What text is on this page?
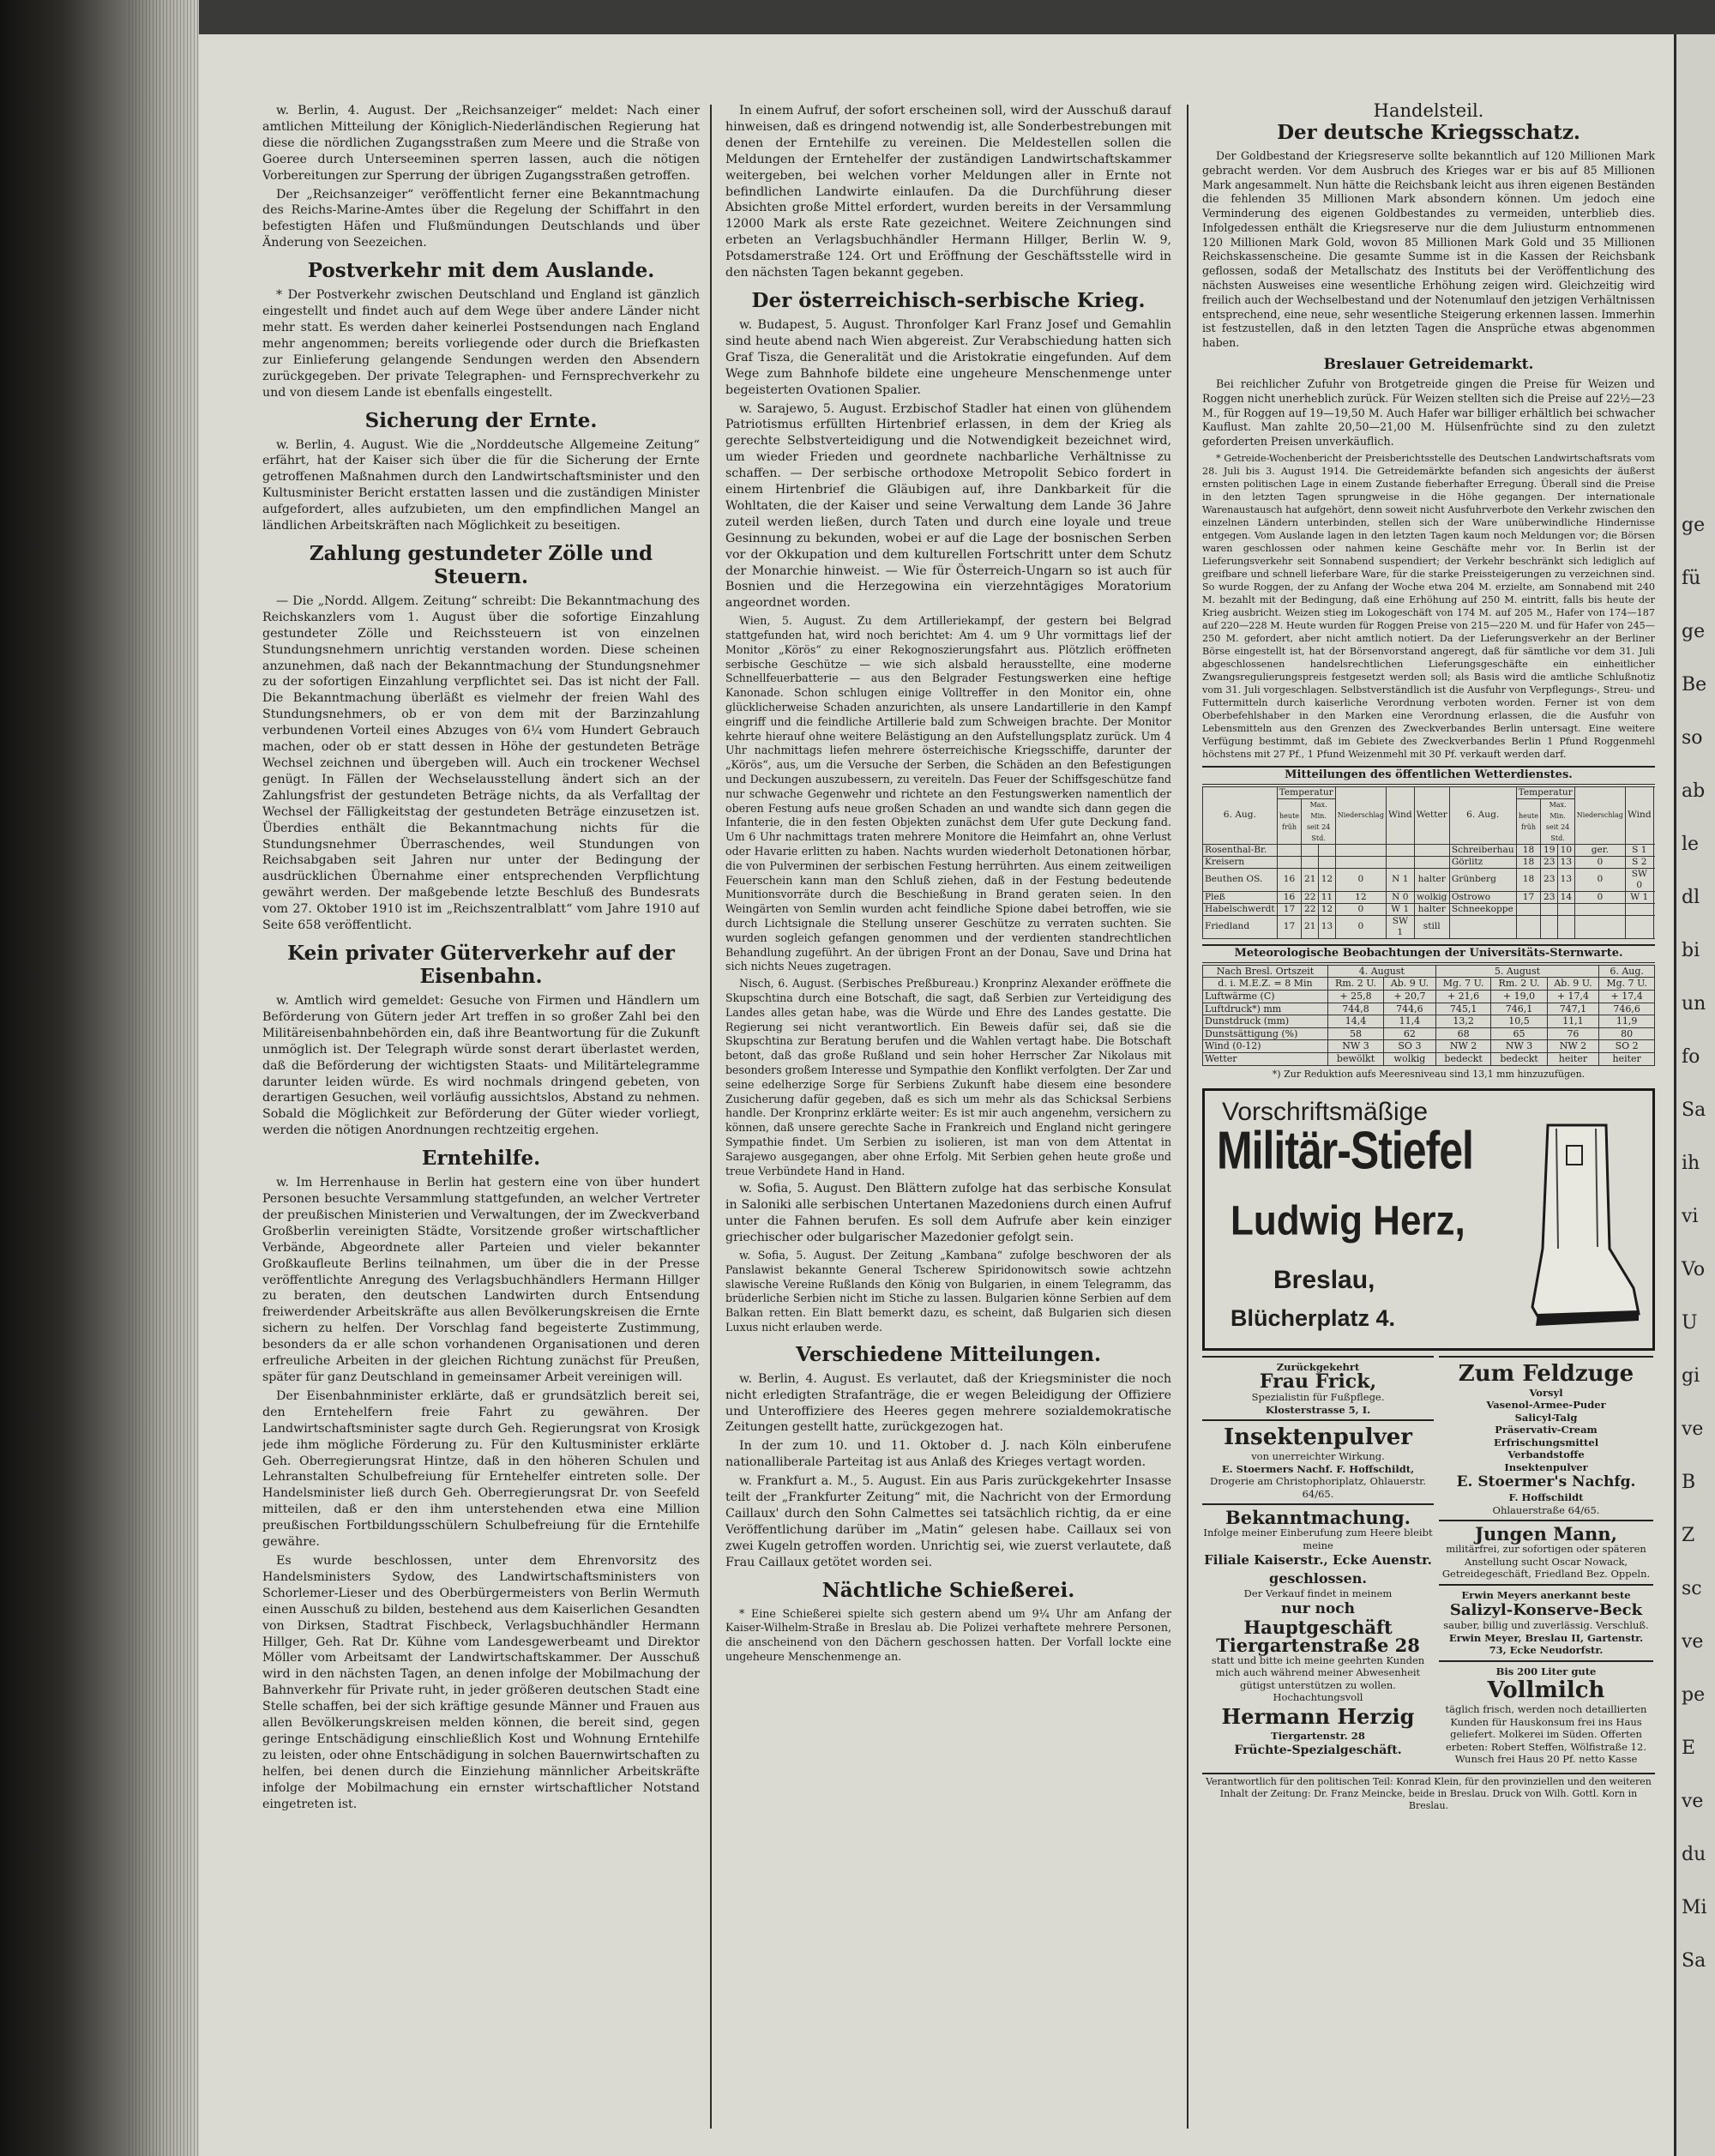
w. Berlin, 4. August. Der „Reichsanzeiger“ meldet: Nach einer amtlichen Mitteilung der Königlich-Niederländischen Regierung hat diese die nördlichen Zugangsstraßen zum Meere und die Straße von Goeree durch Unterseeminen sperren lassen, auch die nötigen Vorbereitungen zur Sperrung der übrigen Zugangsstraßen getroffen.

Der „Reichsanzeiger“ veröffentlicht ferner eine Bekanntmachung des Reichs-Marine-Amtes über die Regelung der Schiffahrt in den befestigten Häfen und Flußmündungen Deutschlands und über Änderung von Seezeichen.

Postverkehr mit dem Auslande.

* Der Postverkehr zwischen Deutschland und England ist gänzlich eingestellt und findet auch auf dem Wege über andere Länder nicht mehr statt. Es werden daher keinerlei Postsendungen nach England mehr angenommen; bereits vorliegende oder durch die Briefkasten zur Einlieferung gelangende Sendungen werden den Absendern zurückgegeben. Der private Telegraphen- und Fernsprechverkehr zu und von diesem Lande ist ebenfalls eingestellt.

Sicherung der Ernte.

w. Berlin, 4. August. Wie die „Norddeutsche Allgemeine Zeitung“ erfährt, hat der Kaiser sich über die für die Sicherung der Ernte getroffenen Maßnahmen durch den Landwirtschaftsminister und den Kultusminister Bericht erstatten lassen und die zuständigen Minister aufgefordert, alles aufzubieten, um den empfindlichen Mangel an ländlichen Arbeitskräften nach Möglichkeit zu beseitigen.

Zahlung gestundeter Zölle und Steuern.

— Die „Nordd. Allgem. Zeitung“ schreibt: Die Bekanntmachung des Reichskanzlers vom 1. August über die sofortige Einzahlung gestundeter Zölle und Reichssteuern ist von einzelnen Stundungsnehmern unrichtig verstanden worden. Diese scheinen anzunehmen, daß nach der Bekanntmachung der Stundungsnehmer zu der sofortigen Einzahlung verpflichtet sei. Das ist nicht der Fall. Die Bekanntmachung überläßt es vielmehr der freien Wahl des Stundungsnehmers, ob er von dem mit der Barzinzahlung verbundenen Vorteil eines Abzuges von 6¼ vom Hundert Gebrauch machen, oder ob er statt dessen in Höhe der gestundeten Beträge Wechsel zeichnen und übergeben will. Auch ein trockener Wechsel genügt. In Fällen der Wechselausstellung ändert sich an der Zahlungsfrist der gestundeten Beträge nichts, da als Verfalltag der Wechsel der Fälligkeitstag der gestundeten Beträge einzusetzen ist. Überdies enthält die Bekanntmachung nichts für die Stundungsnehmer Überraschendes, weil Stundungen von Reichsabgaben seit Jahren nur unter der Bedingung der ausdrücklichen Übernahme einer entsprechenden Verpflichtung gewährt werden. Der maßgebende letzte Beschluß des Bundesrats vom 27. Oktober 1910 ist im „Reichszentralblatt“ vom Jahre 1910 auf Seite 658 veröffentlicht.

Kein privater Güterverkehr auf der Eisenbahn.

w. Amtlich wird gemeldet: Gesuche von Firmen und Händlern um Beförderung von Gütern jeder Art treffen in so großer Zahl bei den Militäreisenbahnbehörden ein, daß ihre Beantwortung für die Zukunft unmöglich ist. Der Telegraph würde sonst derart überlastet werden, daß die Beförderung der wichtigsten Staats- und Militärtelegramme darunter leiden würde. Es wird nochmals dringend gebeten, von derartigen Gesuchen, weil vorläufig aussichtslos, Abstand zu nehmen. Sobald die Möglichkeit zur Beförderung der Güter wieder vorliegt, werden die nötigen Anordnungen rechtzeitig ergehen.

Erntehilfe.

w. Im Herrenhause in Berlin hat gestern eine von über hundert Personen besuchte Versammlung stattgefunden, an welcher Vertreter der preußischen Ministerien und Verwaltungen, der im Zweckverband Großberlin vereinigten Städte, Vorsitzende großer wirtschaftlicher Verbände, Abgeordnete aller Parteien und vieler bekannter Großkaufleute Berlins teilnahmen, um über die in der Presse veröffentlichte Anregung des Verlagsbuchhändlers Hermann Hillger zu beraten, den deutschen Landwirten durch Entsendung freiwerdender Arbeitskräfte aus allen Bevölkerungskreisen die Ernte sichern zu helfen. Der Vorschlag fand begeisterte Zustimmung, besonders da er alle schon vorhandenen Organisationen und deren erfreuliche Arbeiten in der gleichen Richtung zunächst für Preußen, später für ganz Deutschland in gemeinsamer Arbeit vereinigen will.

Der Eisenbahnminister erklärte, daß er grundsätzlich bereit sei, den Erntehelfern freie Fahrt zu gewähren. Der Landwirtschaftsminister sagte durch Geh. Regierungsrat von Krosigk jede ihm mögliche Förderung zu. Für den Kultusminister erklärte Geh. Oberregierungsrat Hintze, daß in den höheren Schulen und Lehranstalten Schulbefreiung für Erntehelfer eintreten solle. Der Handelsminister ließ durch Geh. Oberregierungsrat Dr. von Seefeld mitteilen, daß er den ihm unterstehenden etwa eine Million preußischen Fortbildungsschülern Schulbefreiung für die Erntehilfe gewähre.

Es wurde beschlossen, unter dem Ehrenvorsitz des Handelsministers Sydow, des Landwirtschaftsministers von Schorlemer-Lieser und des Oberbürgermeisters von Berlin Wermuth einen Ausschuß zu bilden, bestehend aus dem Kaiserlichen Gesandten von Dirksen, Stadtrat Fischbeck, Verlagsbuchhändler Hermann Hillger, Geh. Rat Dr. Kühne vom Landesgewerbeamt und Direktor Möller vom Arbeitsamt der Landwirtschaftskammer. Der Ausschuß wird in den nächsten Tagen, an denen infolge der Mobilmachung der Bahnverkehr für Private ruht, in jeder größeren deutschen Stadt eine Stelle schaffen, bei der sich kräftige gesunde Männer und Frauen aus allen Bevölkerungskreisen melden können, die bereit sind, gegen geringe Entschädigung einschließlich Kost und Wohnung Erntehilfe zu leisten, oder ohne Entschädigung in solchen Bauernwirtschaften zu helfen, bei denen durch die Einziehung männlicher Arbeitskräfte infolge der Mobilmachung ein ernster wirtschaftlicher Notstand eingetreten ist.

In einem Aufruf, der sofort erscheinen soll, wird der Ausschuß darauf hinweisen, daß es dringend notwendig ist, alle Sonderbestrebungen mit denen der Erntehilfe zu vereinen. Die Meldestellen sollen die Meldungen der Erntehelfer der zuständigen Landwirtschaftskammer weitergeben, bei welchen vorher Meldungen aller in Ernte not befindlichen Landwirte einlaufen. Da die Durchführung dieser Absichten große Mittel erfordert, wurden bereits in der Versammlung 12000 Mark als erste Rate gezeichnet. Weitere Zeichnungen sind erbeten an Verlagsbuchhändler Hermann Hillger, Berlin W. 9, Potsdamerstraße 124. Ort und Eröffnung der Geschäftsstelle wird in den nächsten Tagen bekannt gegeben.

Der österreichisch-serbische Krieg.

w. Budapest, 5. August. Thronfolger Karl Franz Josef und Gemahlin sind heute abend nach Wien abgereist. Zur Verabschiedung hatten sich Graf Tisza, die Generalität und die Aristokratie eingefunden. Auf dem Wege zum Bahnhofe bildete eine ungeheure Menschenmenge unter begeisterten Ovationen Spalier.

w. Sarajewo, 5. August. Erzbischof Stadler hat einen von glühendem Patriotismus erfüllten Hirtenbrief erlassen, in dem der Krieg als gerechte Selbstverteidigung und die Notwendigkeit bezeichnet wird, um wieder Frieden und geordnete nachbarliche Verhältnisse zu schaffen. — Der serbische orthodoxe Metropolit Sebico fordert in einem Hirtenbrief die Gläubigen auf, ihre Dankbarkeit für die Wohltaten, die der Kaiser und seine Verwaltung dem Lande 36 Jahre zuteil werden ließen, durch Taten und durch eine loyale und treue Gesinnung zu bekunden, wobei er auf die Lage der bosnischen Serben vor der Okkupation und dem kulturellen Fortschritt unter dem Schutz der Monarchie hinweist. — Wie für Österreich-Ungarn so ist auch für Bosnien und die Herzegowina ein vierzehntägiges Moratorium angeordnet worden.

Wien, 5. August. Zu dem Artilleriekampf, der gestern bei Belgrad stattgefunden hat, wird noch berichtet: Am 4. um 9 Uhr vormittags lief der Monitor „Körös“ zu einer Rekognoszierungsfahrt aus. Plötzlich eröffneten serbische Geschütze — wie sich alsbald herausstellte, eine moderne Schnellfeuerbatterie — aus den Belgrader Festungswerken eine heftige Kanonade. Schon schlugen einige Volltreffer in den Monitor ein, ohne glücklicherweise Schaden anzurichten, als unsere Landartillerie in den Kampf eingriff und die feindliche Artillerie bald zum Schweigen brachte. Der Monitor kehrte hierauf ohne weitere Belästigung an den Aufstellungsplatz zurück. Um 4 Uhr nachmittags liefen mehrere österreichische Kriegsschiffe, darunter der „Körös“, aus, um die Versuche der Serben, die Schäden an den Befestigungen und Deckungen auszubessern, zu vereiteln. Das Feuer der Schiffsgeschütze fand nur schwache Gegenwehr und richtete an den Festungswerken namentlich der oberen Festung aufs neue großen Schaden an und wandte sich dann gegen die Infanterie, die in den festen Objekten zunächst dem Ufer gute Deckung fand. Um 6 Uhr nachmittags traten mehrere Monitore die Heimfahrt an, ohne Verlust oder Havarie erlitten zu haben. Nachts wurden wiederholt Detonationen hörbar, die von Pulverminen der serbischen Festung herrührten. Aus einem zeitweiligen Feuerschein kann man den Schluß ziehen, daß in der Festung bedeutende Munitionsvorräte durch die Beschießung in Brand geraten seien. In den Weingärten von Semlin wurden acht feindliche Spione dabei betroffen, wie sie durch Lichtsignale die Stellung unserer Geschütze zu verraten suchten. Sie wurden sogleich gefangen genommen und der verdienten standrechtlichen Behandlung zugeführt. An der übrigen Front an der Donau, Save und Drina hat sich nichts Neues zugetragen.

Nisch, 6. August. (Serbisches Preßbureau.) Kronprinz Alexander eröffnete die Skupschtina durch eine Botschaft, die sagt, daß Serbien zur Verteidigung des Landes alles getan habe, was die Würde und Ehre des Landes gestatte. Die Regierung sei nicht verantwortlich. Ein Beweis dafür sei, daß sie die Skupschtina zur Beratung berufen und die Wahlen vertagt habe. Die Botschaft betont, daß das große Rußland und sein hoher Herrscher Zar Nikolaus mit besonders großem Interesse und Sympathie den Konflikt verfolgten. Der Zar und seine edelherzige Sorge für Serbiens Zukunft habe diesem eine besondere Zusicherung dafür gegeben, daß es sich um mehr als das Schicksal Serbiens handle. Der Kronprinz erklärte weiter: Es ist mir auch angenehm, versichern zu können, daß unsere gerechte Sache in Frankreich und England nicht geringere Sympathie findet. Um Serbien zu isolieren, ist man von dem Attentat in Sarajewo ausgegangen, aber ohne Erfolg. Mit Serbien gehen heute große und treue Verbündete Hand in Hand.

w. Sofia, 5. August. Den Blättern zufolge hat das serbische Konsulat in Saloniki alle serbischen Untertanen Mazedoniens durch einen Aufruf unter die Fahnen berufen. Es soll dem Aufrufe aber kein einziger griechischer oder bulgarischer Mazedonier gefolgt sein.

w. Sofia, 5. August. Der Zeitung „Kambana“ zufolge beschworen der als Panslawist bekannte General Tscherew Spiridonowitsch sowie achtzehn slawische Vereine Rußlands den König von Bulgarien, in einem Telegramm, das brüderliche Serbien nicht im Stiche zu lassen. Bulgarien könne Serbien auf dem Balkan retten. Ein Blatt bemerkt dazu, es scheint, daß Bulgarien sich diesen Luxus nicht erlauben werde.

Verschiedene Mitteilungen.

w. Berlin, 4. August. Es verlautet, daß der Kriegsminister die noch nicht erledigten Strafanträge, die er wegen Beleidigung der Offiziere und Unteroffiziere des Heeres gegen mehrere sozialdemokratische Zeitungen gestellt hatte, zurückgezogen hat.

In der zum 10. und 11. Oktober d. J. nach Köln einberufene nationalliberale Parteitag ist aus Anlaß des Krieges vertagt worden.

w. Frankfurt a. M., 5. August. Ein aus Paris zurückgekehrter Insasse teilt der „Frankfurter Zeitung“ mit, die Nachricht von der Ermordung Caillaux' durch den Sohn Calmettes sei tatsächlich richtig, da er eine Veröffentlichung darüber im „Matin“ gelesen habe. Caillaux sei von zwei Kugeln getroffen worden. Unrichtig sei, wie zuerst verlautete, daß Frau Caillaux getötet worden sei.

Nächtliche Schießerei.

* Eine Schießerei spielte sich gestern abend um 9¼ Uhr am Anfang der Kaiser-Wilhelm-Straße in Breslau ab. Die Polizei verhaftete mehrere Personen, die anscheinend von den Dächern geschossen hatten. Der Vorfall lockte eine ungeheure Menschenmenge an.

Handelsteil.
Der deutsche Kriegsschatz.

Der Goldbestand der Kriegsreserve sollte bekanntlich auf 120 Millionen Mark gebracht werden. Vor dem Ausbruch des Krieges war er bis auf 85 Millionen Mark angesammelt. Nun hätte die Reichsbank leicht aus ihren eigenen Beständen die fehlenden 35 Millionen Mark absondern können. Um jedoch eine Verminderung des eigenen Goldbestandes zu vermeiden, unterblieb dies. Infolgedessen enthält die Kriegsreserve nur die dem Juliusturm entnommenen 120 Millionen Mark Gold, wovon 85 Millionen Mark Gold und 35 Millionen Reichskassenscheine. Die gesamte Summe ist in die Kassen der Reichsbank geflossen, sodaß der Metallschatz des Instituts bei der Veröffentlichung des nächsten Ausweises eine wesentliche Erhöhung zeigen wird. Gleichzeitig wird freilich auch der Wechselbestand und der Notenumlauf den jetzigen Verhältnissen entsprechend, eine neue, sehr wesentliche Steigerung erkennen lassen. Immerhin ist festzustellen, daß in den letzten Tagen die Ansprüche etwas abgenommen haben.

Breslauer Getreidemarkt.

Bei reichlicher Zufuhr von Brotgetreide gingen die Preise für Weizen und Roggen nicht unerheblich zurück. Für Weizen stellten sich die Preise auf 22½—23 M., für Roggen auf 19—19,50 M. Auch Hafer war billiger erhältlich bei schwacher Kauflust. Man zahlte 20,50—21,00 M. Hülsenfrüchte sind zu den zuletzt geforderten Preisen unverkäuflich.

* Getreide-Wochenbericht der Preisberichtsstelle des Deutschen Landwirtschaftsrats vom 28. Juli bis 3. August 1914. Die Getreidemärkte befanden sich angesichts der äußerst ernsten politischen Lage in einem Zustande fieberhafter Erregung. Überall sind die Preise in den letzten Tagen sprungweise in die Höhe gegangen. Der internationale Warenaustausch hat aufgehört, denn soweit nicht Ausfuhrverbote den Verkehr zwischen den einzelnen Ländern unterbinden, stellen sich der Ware unüberwindliche Hindernisse entgegen. Vom Auslande lagen in den letzten Tagen kaum noch Meldungen vor; die Börsen waren geschlossen oder nahmen keine Geschäfte mehr vor. In Berlin ist der Lieferungsverkehr seit Sonnabend suspendiert; der Verkehr beschränkt sich lediglich auf greifbare und schnell lieferbare Ware, für die starke Preissteigerungen zu verzeichnen sind. So wurde Roggen, der zu Anfang der Woche etwa 204 M. erzielte, am Sonnabend mit 240 M. bezahlt mit der Bedingung, daß eine Erhöhung auf 250 M. eintritt, falls bis heute der Krieg ausbricht. Weizen stieg im Lokogeschäft von 174 M. auf 205 M., Hafer von 174—187 auf 220—228 M. Heute wurden für Roggen Preise von 215—220 M. und für Hafer von 245—250 M. gefordert, aber nicht amtlich notiert. Da der Lieferungsverkehr an der Berliner Börse eingestellt ist, hat der Börsenvorstand angeregt, daß für sämtliche vor dem 31. Juli abgeschlossenen handelsrechtlichen Lieferungsgeschäfte ein einheitlicher Zwangsregulierungspreis festgesetzt werden soll; als Basis wird die amtliche Schlußnotiz vom 31. Juli vorgeschlagen. Selbstverständlich ist die Ausfuhr von Verpflegungs-, Streu- und Futtermitteln durch kaiserliche Verordnung verboten worden. Ferner ist von dem Oberbefehlshaber in den Marken eine Verordnung erlassen, die die Ausfuhr von Lebensmitteln aus den Grenzen des Zweckverbandes Berlin untersagt. Eine weitere Verfügung bestimmt, daß im Gebiete des Zweckverbandes Berlin 1 Pfund Roggenmehl höchstens mit 27 Pf., 1 Pfund Weizenmehl mit 30 Pf. verkauft werden darf.

Mitteilungen des öffentlichen Wetterdienstes.
6. Aug.	Temperatur			Niederschlag	Wind	Wetter	6. Aug.	Temperatur			Niederschlag	Wind	
	heute früh	Max. Min. seit 24 Std.						heute früh	Max. Min. seit 24 Std.				
Rosenthal-Br.							Schreiberhau	18	19	10	ger.	S 1	
Kreisern							Görlitz	18	23	13	0	S 2	
Beuthen OS.	16	21	12	0	N 1	halter	Grünberg	18	23	13	0	SW 0	
Pleß	16	22	11	12	N 0	wolkig	Ostrowo	17	23	14	0	W 1	
Habelschwerdt	17	22	12	0	W 1	halter	Schneekoppe						
Friedland	17	21	13	0	SW 1	still							
Meteorologische Beobachtungen der Universitäts-Sternwarte.
Nach Bresl. Ortszeit	4. August		5. August			6. Aug.
d. i. M.E.Z. = 8 Min	Rm. 2 U.	Ab. 9 U.	Mg. 7 U.	Rm. 2 U.	Ab. 9 U.	Mg. 7 U.
Luftwärme (C)	+ 25,8	+ 20,7	+ 21,6	+ 19,0	+ 17,4	+ 17,4
Luftdruck*) mm	744,8	744,6	745,1	746,1	747,1	746,6
Dunstdruck (mm)	14,4	11,4	13,2	10,5	11,1	11,9
Dunstsättigung (%)	58	62	68	65	76	80
Wind (0-12)	NW 3	SO 3	NW 2	NW 3	NW 2	SO 2
Wetter	bewölkt	wolkig	bedeckt	bedeckt	heiter	heiter
*) Zur Reduktion aufs Meeresniveau sind 13,1 mm hinzuzufügen.
Vorschriftsmäßige
Militär-Stiefel
Ludwig Herz,
Breslau,
Blücherplatz 4.
Zurückgekehrt
Frau Frick,
Spezialistin für Fußpflege.
Klosterstrasse 5, I.
Insektenpulver
von unerreichter Wirkung.
E. Stoermers Nachf. F. Hoffschildt,
Drogerie am Christophoriplatz, Ohlauerstr. 64/65.
Bekanntmachung.
Infolge meiner Einberufung zum Heere bleibt meine
Filiale Kaiserstr., Ecke Auenstr.
geschlossen.
Der Verkauf findet in meinem
nur noch
Hauptgeschäft
Tiergartenstraße 28
statt und bitte ich meine geehrten Kunden mich auch während meiner Abwesenheit gütigst unterstützen zu wollen.
Hochachtungsvoll
Hermann Herzig
Tiergartenstr. 28
Früchte-Spezialgeschäft.
Zum Feldzuge
Vorsyl
Vasenol-Armee-Puder
Salicyl-Talg
Präservativ-Cream
Erfrischungsmittel
Verbandstoffe
Insektenpulver
E. Stoermer's Nachfg.
F. Hoffschildt
Ohlauerstraße 64/65.
Jungen Mann,
militärfrei, zur sofortigen oder späteren Anstellung sucht Oscar Nowack, Getreidegeschäft, Friedland Bez. Oppeln.
Erwin Meyers anerkannt beste
Salizyl-Konserve-Beck
sauber, billig und zuverlässig. Verschluß.
Erwin Meyer, Breslau II, Gartenstr. 73, Ecke Neudorfstr.
Bis 200 Liter gute
Vollmilch
täglich frisch, werden noch detaillierten Kunden für Hauskonsum frei ins Haus geliefert. Molkerei im Süden. Offerten erbeten: Robert Steffen, Wölfistraße 12.
Wunsch frei Haus 20 Pf. netto Kasse
Verantwortlich für den politischen Teil: Konrad Klein, für den provinziellen und den weiteren Inhalt der Zeitung: Dr. Franz Meincke, beide in Breslau. Druck von Wilh. Gottl. Korn in Breslau.
ge
fü
ge
Be
so
ab
le
dl
bi
un
fo
Sa
ih
vi
Vo
U
gi
ve
B
Z
sc
ve
pe
E
ve
du
Mi
Sa
